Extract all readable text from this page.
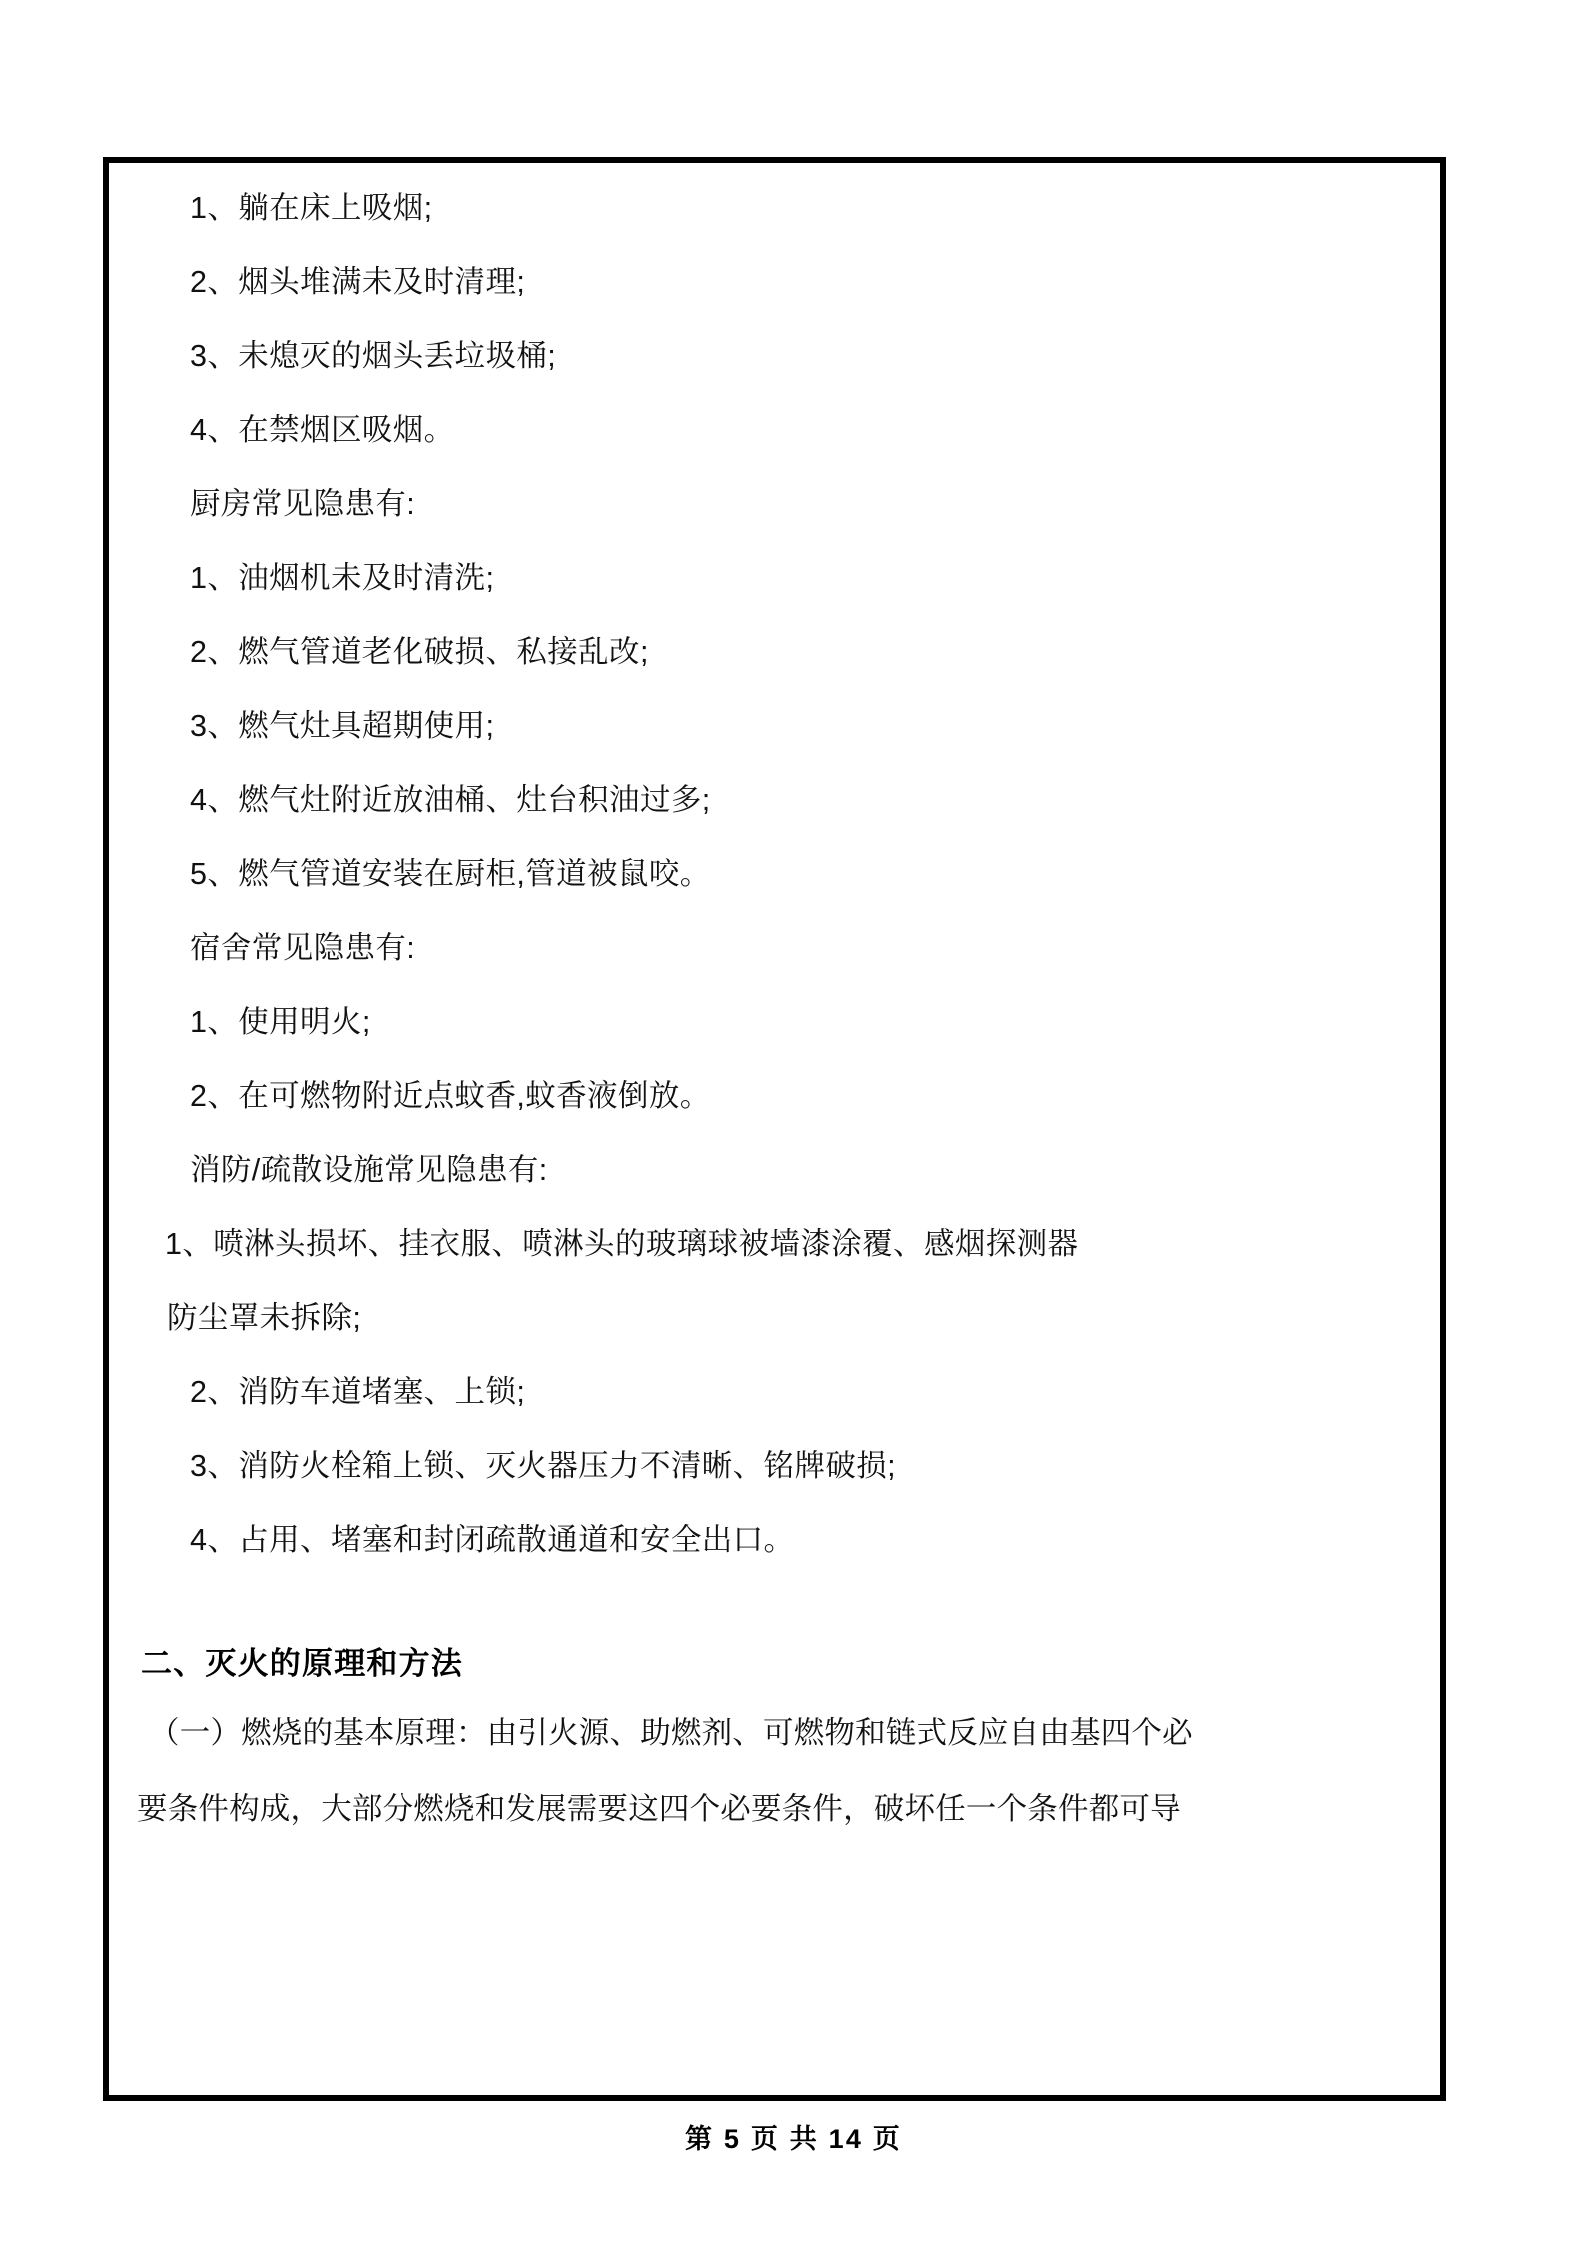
1、躺在床上吸烟;
2、烟头堆满未及时清理;
3、未熄灭的烟头丢垃圾桶;
4、在禁烟区吸烟。
厨房常见隐患有:
1、油烟机未及时清洗;
2、燃气管道老化破损、私接乱改;
3、燃气灶具超期使用;
4、燃气灶附近放油桶、灶台积油过多;
5、燃气管道安装在厨柜,管道被鼠咬。
宿舍常见隐患有:
1、使用明火;
2、在可燃物附近点蚊香,蚊香液倒放。
消防/疏散设施常见隐患有:
1、喷淋头损坏、挂衣服、喷淋头的玻璃球被墙漆涂覆、感烟探测器
防尘罩未拆除;
2、消防车道堵塞、上锁;
3、消防火栓箱上锁、灭火器压力不清晰、铭牌破损;
4、占用、堵塞和封闭疏散通道和安全出口。
二、灭火的原理和方法
（一）燃烧的基本原理：由引火源、助燃剂、可燃物和链式反应自由基四个必
要条件构成，大部分燃烧和发展需要这四个必要条件，破坏任一个条件都可导
第 5 页 共 14 页
